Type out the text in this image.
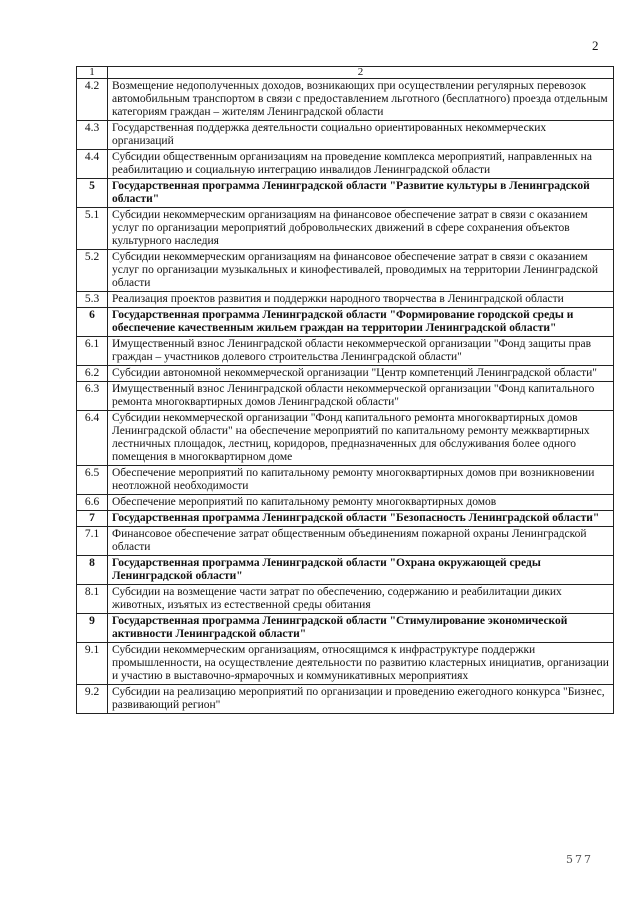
2
1	2
4.2	Возмещение недополученных доходов, возникающих при осуществлении регулярных перевозок автомобильным транспортом в связи с предоставлением льготного (бесплатного) проезда отдельным категориям граждан – жителям Ленинградской области
4.3	Государственная поддержка деятельности социально ориентированных некоммерческих организаций
4.4	Субсидии общественным организациям на проведение комплекса мероприятий, направленных на реабилитацию и социальную интеграцию инвалидов Ленинградской области
5	Государственная программа Ленинградской области "Развитие культуры в Ленинградской области"
5.1	Субсидии некоммерческим организациям на финансовое обеспечение затрат в связи с оказанием услуг по организации мероприятий добровольческих движений в сфере сохранения объектов культурного наследия
5.2	Субсидии некоммерческим организациям на финансовое обеспечение затрат в связи с оказанием услуг по организации музыкальных и кинофестивалей, проводимых на территории Ленинградской области
5.3	Реализация проектов развития и поддержки народного творчества в Ленинградской области
6	Государственная программа Ленинградской области "Формирование городской среды и обеспечение качественным жильем граждан на территории Ленинградской области"
6.1	Имущественный взнос Ленинградской области некоммерческой организации "Фонд защиты прав граждан – участников долевого строительства Ленинградской области"
6.2	Субсидии автономной некоммерческой организации "Центр компетенций Ленинградской области"
6.3	Имущественный взнос Ленинградской области некоммерческой организации "Фонд капитального ремонта многоквартирных домов Ленинградской области"
6.4	Субсидии некоммерческой организации "Фонд капитального ремонта многоквартирных домов Ленинградской области" на обеспечение мероприятий по капитальному ремонту межквартирных лестничных площадок, лестниц, коридоров, предназначенных для обслуживания более одного помещения в многоквартирном доме
6.5	Обеспечение мероприятий по капитальному ремонту многоквартирных домов при возникновении неотложной необходимости
6.6	Обеспечение мероприятий по капитальному ремонту многоквартирных домов
7	Государственная программа Ленинградской области "Безопасность Ленинградской области"
7.1	Финансовое обеспечение затрат общественным объединениям пожарной охраны Ленинградской области
8	Государственная программа Ленинградской области "Охрана окружающей среды Ленинградской области"
8.1	Субсидии на возмещение части затрат по обеспечению, содержанию и реабилитации диких животных, изъятых из естественной среды обитания
9	Государственная программа Ленинградской области "Стимулирование экономической активности Ленинградской области"
9.1	Субсидии некоммерческим организациям, относящимся к инфраструктуре поддержки промышленности, на осуществление деятельности по развитию кластерных инициатив, организации и участию в выставочно-ярмарочных и коммуникативных мероприятиях
9.2	Субсидии на реализацию мероприятий по организации и проведению ежегодного конкурса "Бизнес, развивающий регион"
577
